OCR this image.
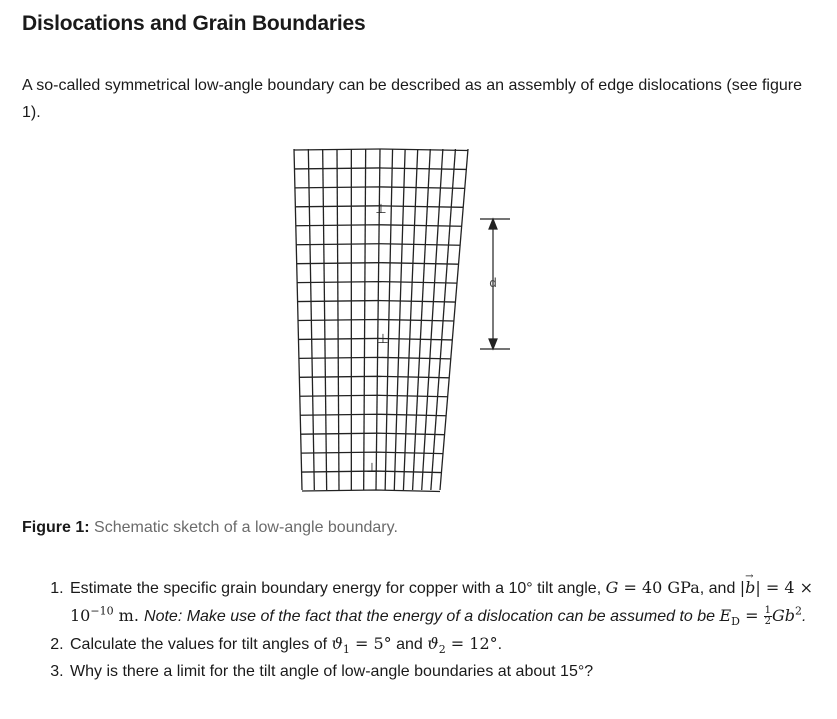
Dislocations and Grain Boundaries

A so-called symmetrical low-angle boundary can be described as an assembly of edge dislocations (see figure 1).

⊥
⊥
⊥
d

Figure 1: Schematic sketch of a low-angle boundary.

1. Estimate the specific grain boundary energy for copper with a 10° tilt angle, G = 40 GPa, and |→ $b| = 4 \times 10^{-10}$ m. Note: Make use of the fact that the energy of a dislocation can be assumed to be $E_D = \frac{1}{2} Gb^2$.
2. Calculate the values for tilt angles of $ϑ_1 = 5^\circ$ and $ϑ_2 = 12^\circ$.
3. Why is there a limit for the tilt angle of low-angle boundaries at about 15°?
